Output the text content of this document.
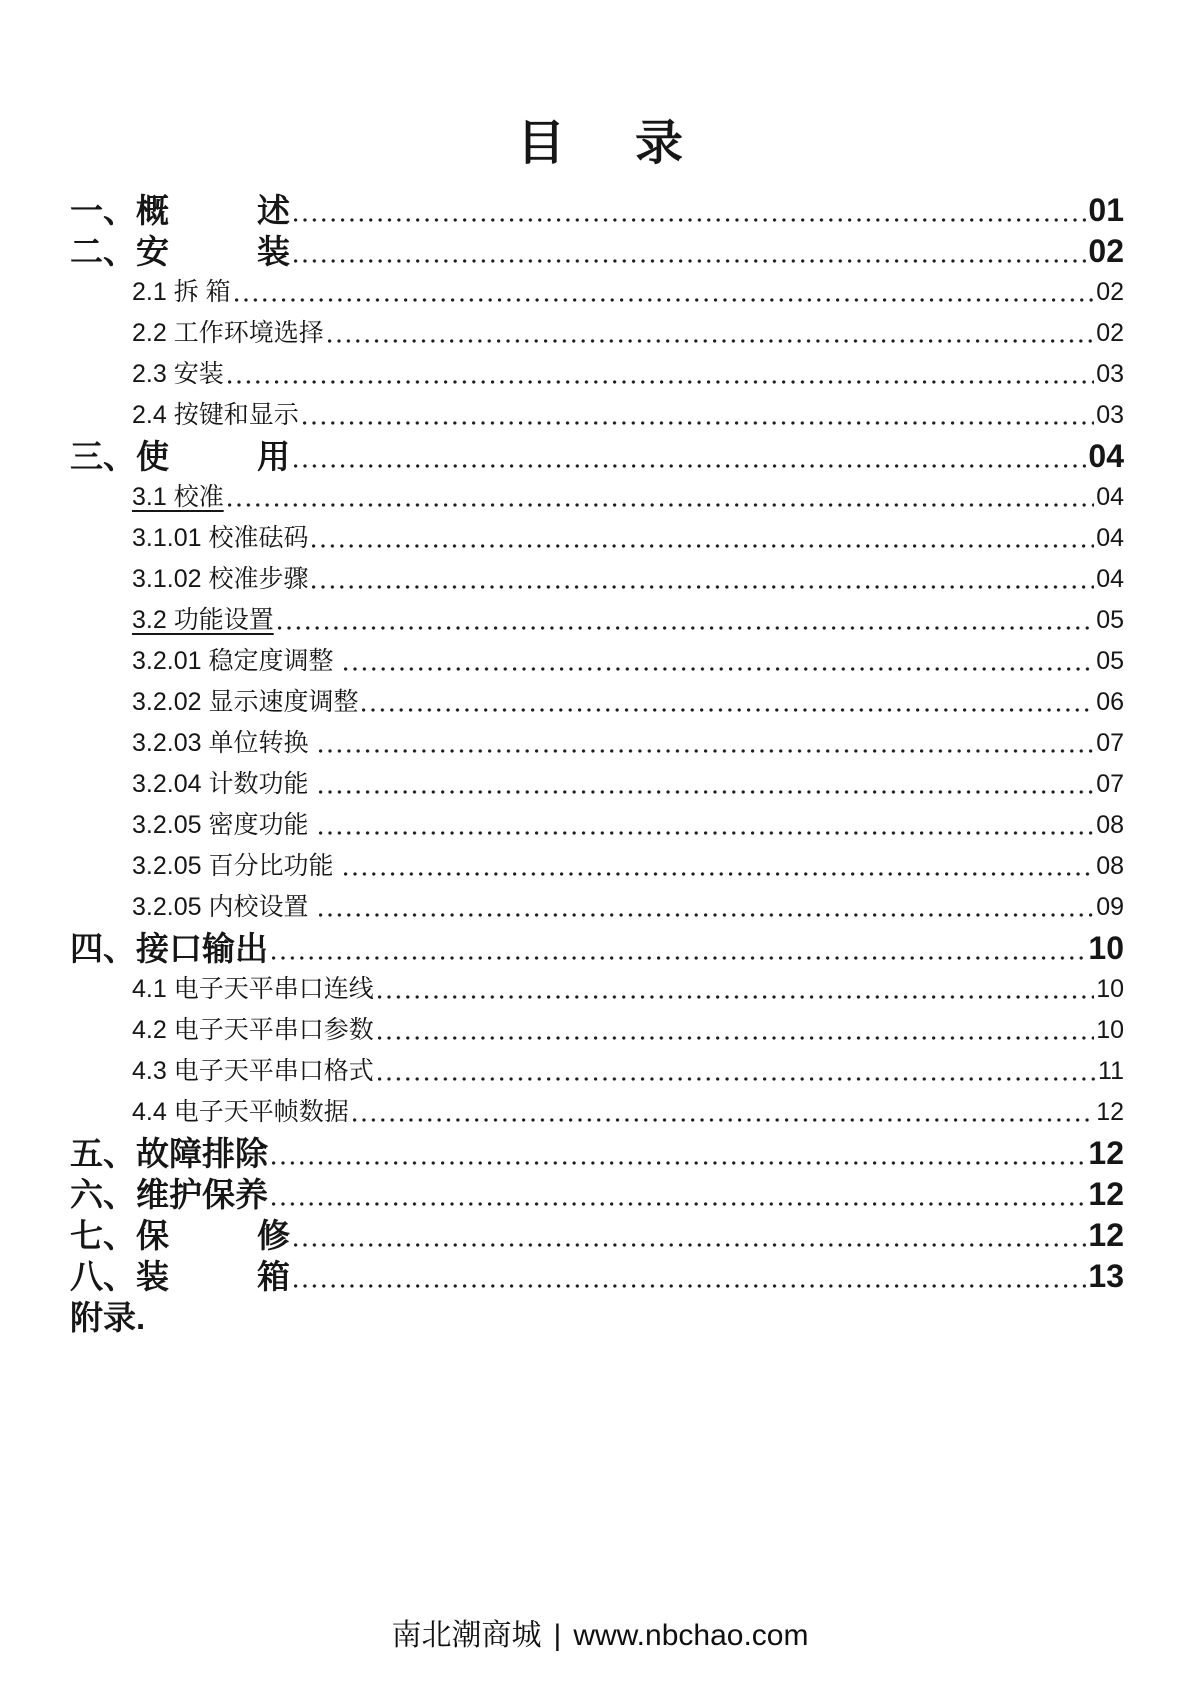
目 录
一、概	述	01
二、安	装	02
2.1 拆 箱	02
2.2 工作环境选择	02
2.3 安装	03
2.4 按键和显示	03
三、使	用	04
3.1 校准	04
3.1.01 校准砝码	04
3.1.02 校准步骤	04
3.2 功能设置	05
3.2.01 稳定度调整	05
3.2.02 显示速度调整	06
3.2.03 单位转换	07
3.2.04 计数功能	07
3.2.05 密度功能	08
3.2.05 百分比功能	08
3.2.05 内校设置	09
四、接口输出	10
4.1 电子天平串口连线	10
4.2 电子天平串口参数	10
4.3 电子天平串口格式	11
4.4 电子天平帧数据	12
五、故障排除	12
六、维护保养	12
七、保	修	12
八、装	箱	13
附录.
南北潮商城 | www.nbchao.com
